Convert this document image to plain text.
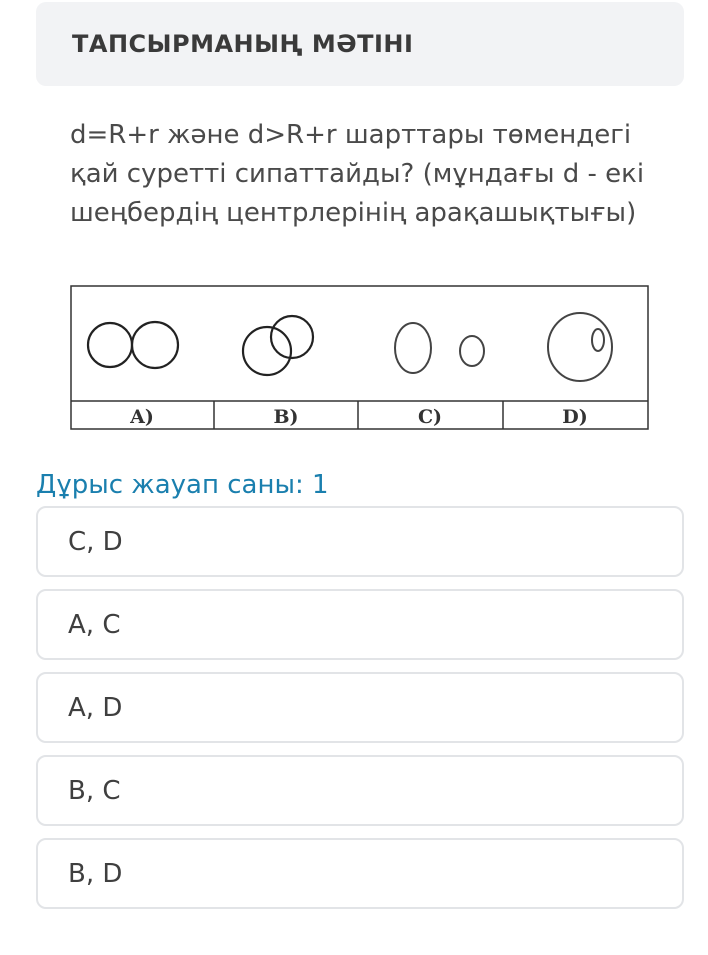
ТАПСЫРМАНЫҢ МӘТІНІ
d=R+r және d>R+r шарттары төмендегі қай суретті сипаттайды? (мұндағы d - екі шеңбердің центрлерінің арақашықтығы)
A)	B)	C)	D)
Дұрыс жауап саны: 1
C, D
A, C
A, D
B, C
B, D
